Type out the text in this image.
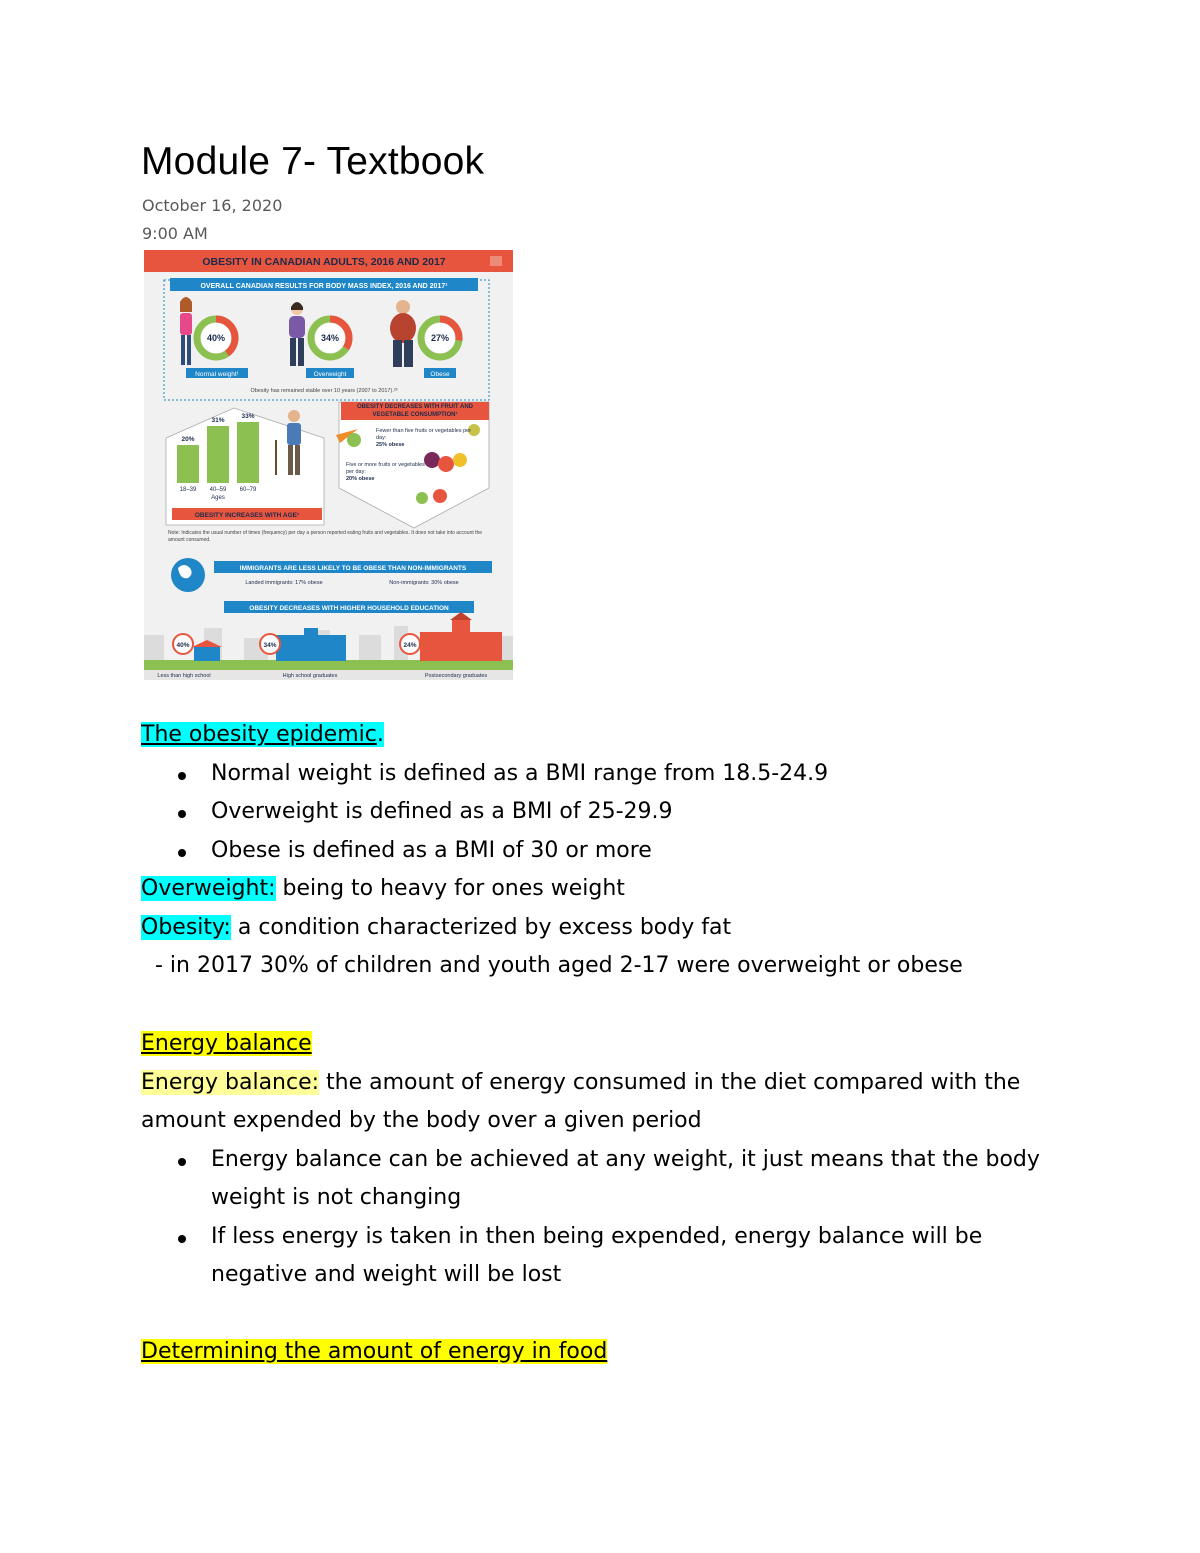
Module 7- Textbook
October 16, 2020
9:00 AM
OBESITY IN CANADIAN ADULTS, 2016 AND 2017
OVERALL CANADIAN RESULTS FOR BODY MASS INDEX, 2016 AND 2017¹
40%
Normal weight¹
34%
Overweight
27%
Obese
Obesity has remained stable over 10 years (2007 to 2017).²³
20%
31%
33%
18–39 40–59 60–79
Ages
OBESITY INCREASES WITH AGE¹
OBESITY DECREASES WITH FRUIT AND VEGETABLE CONSUMPTION¹
Fewer than five fruits or vegetables per day:
25% obese
Five or more fruits or vegetables per day:
20% obese
Note: Indicates the usual number of times (frequency) per day a person reported eating fruits and vegetables. It does not take into account the amount consumed.
IMMIGRANTS ARE LESS LIKELY TO BE OBESE THAN NON-IMMIGRANTS
Landed immigrants: 17% obese	Non-immigrants: 30% obese
OBESITY DECREASES WITH HIGHER HOUSEHOLD EDUCATION
40%	34%	24%
Less than high school	High school graduates	Postsecondary graduates
The obesity epidemic.
Normal weight is defined as a BMI range from 18.5-24.9
Overweight is defined as a BMI of 25-29.9
Obese is defined as a BMI of 30 or more
Overweight: being to heavy for ones weight
Obesity: a condition characterized by excess body fat
- in 2017 30% of children and youth aged 2-17 were overweight or obese
Energy balance
Energy balance: the amount of energy consumed in the diet compared with the amount expended by the body over a given period
Energy balance can be achieved at any weight, it just means that the body weight is not changing
If less energy is taken in then being expended, energy balance will be negative and weight will be lost
Determining the amount of energy in food
